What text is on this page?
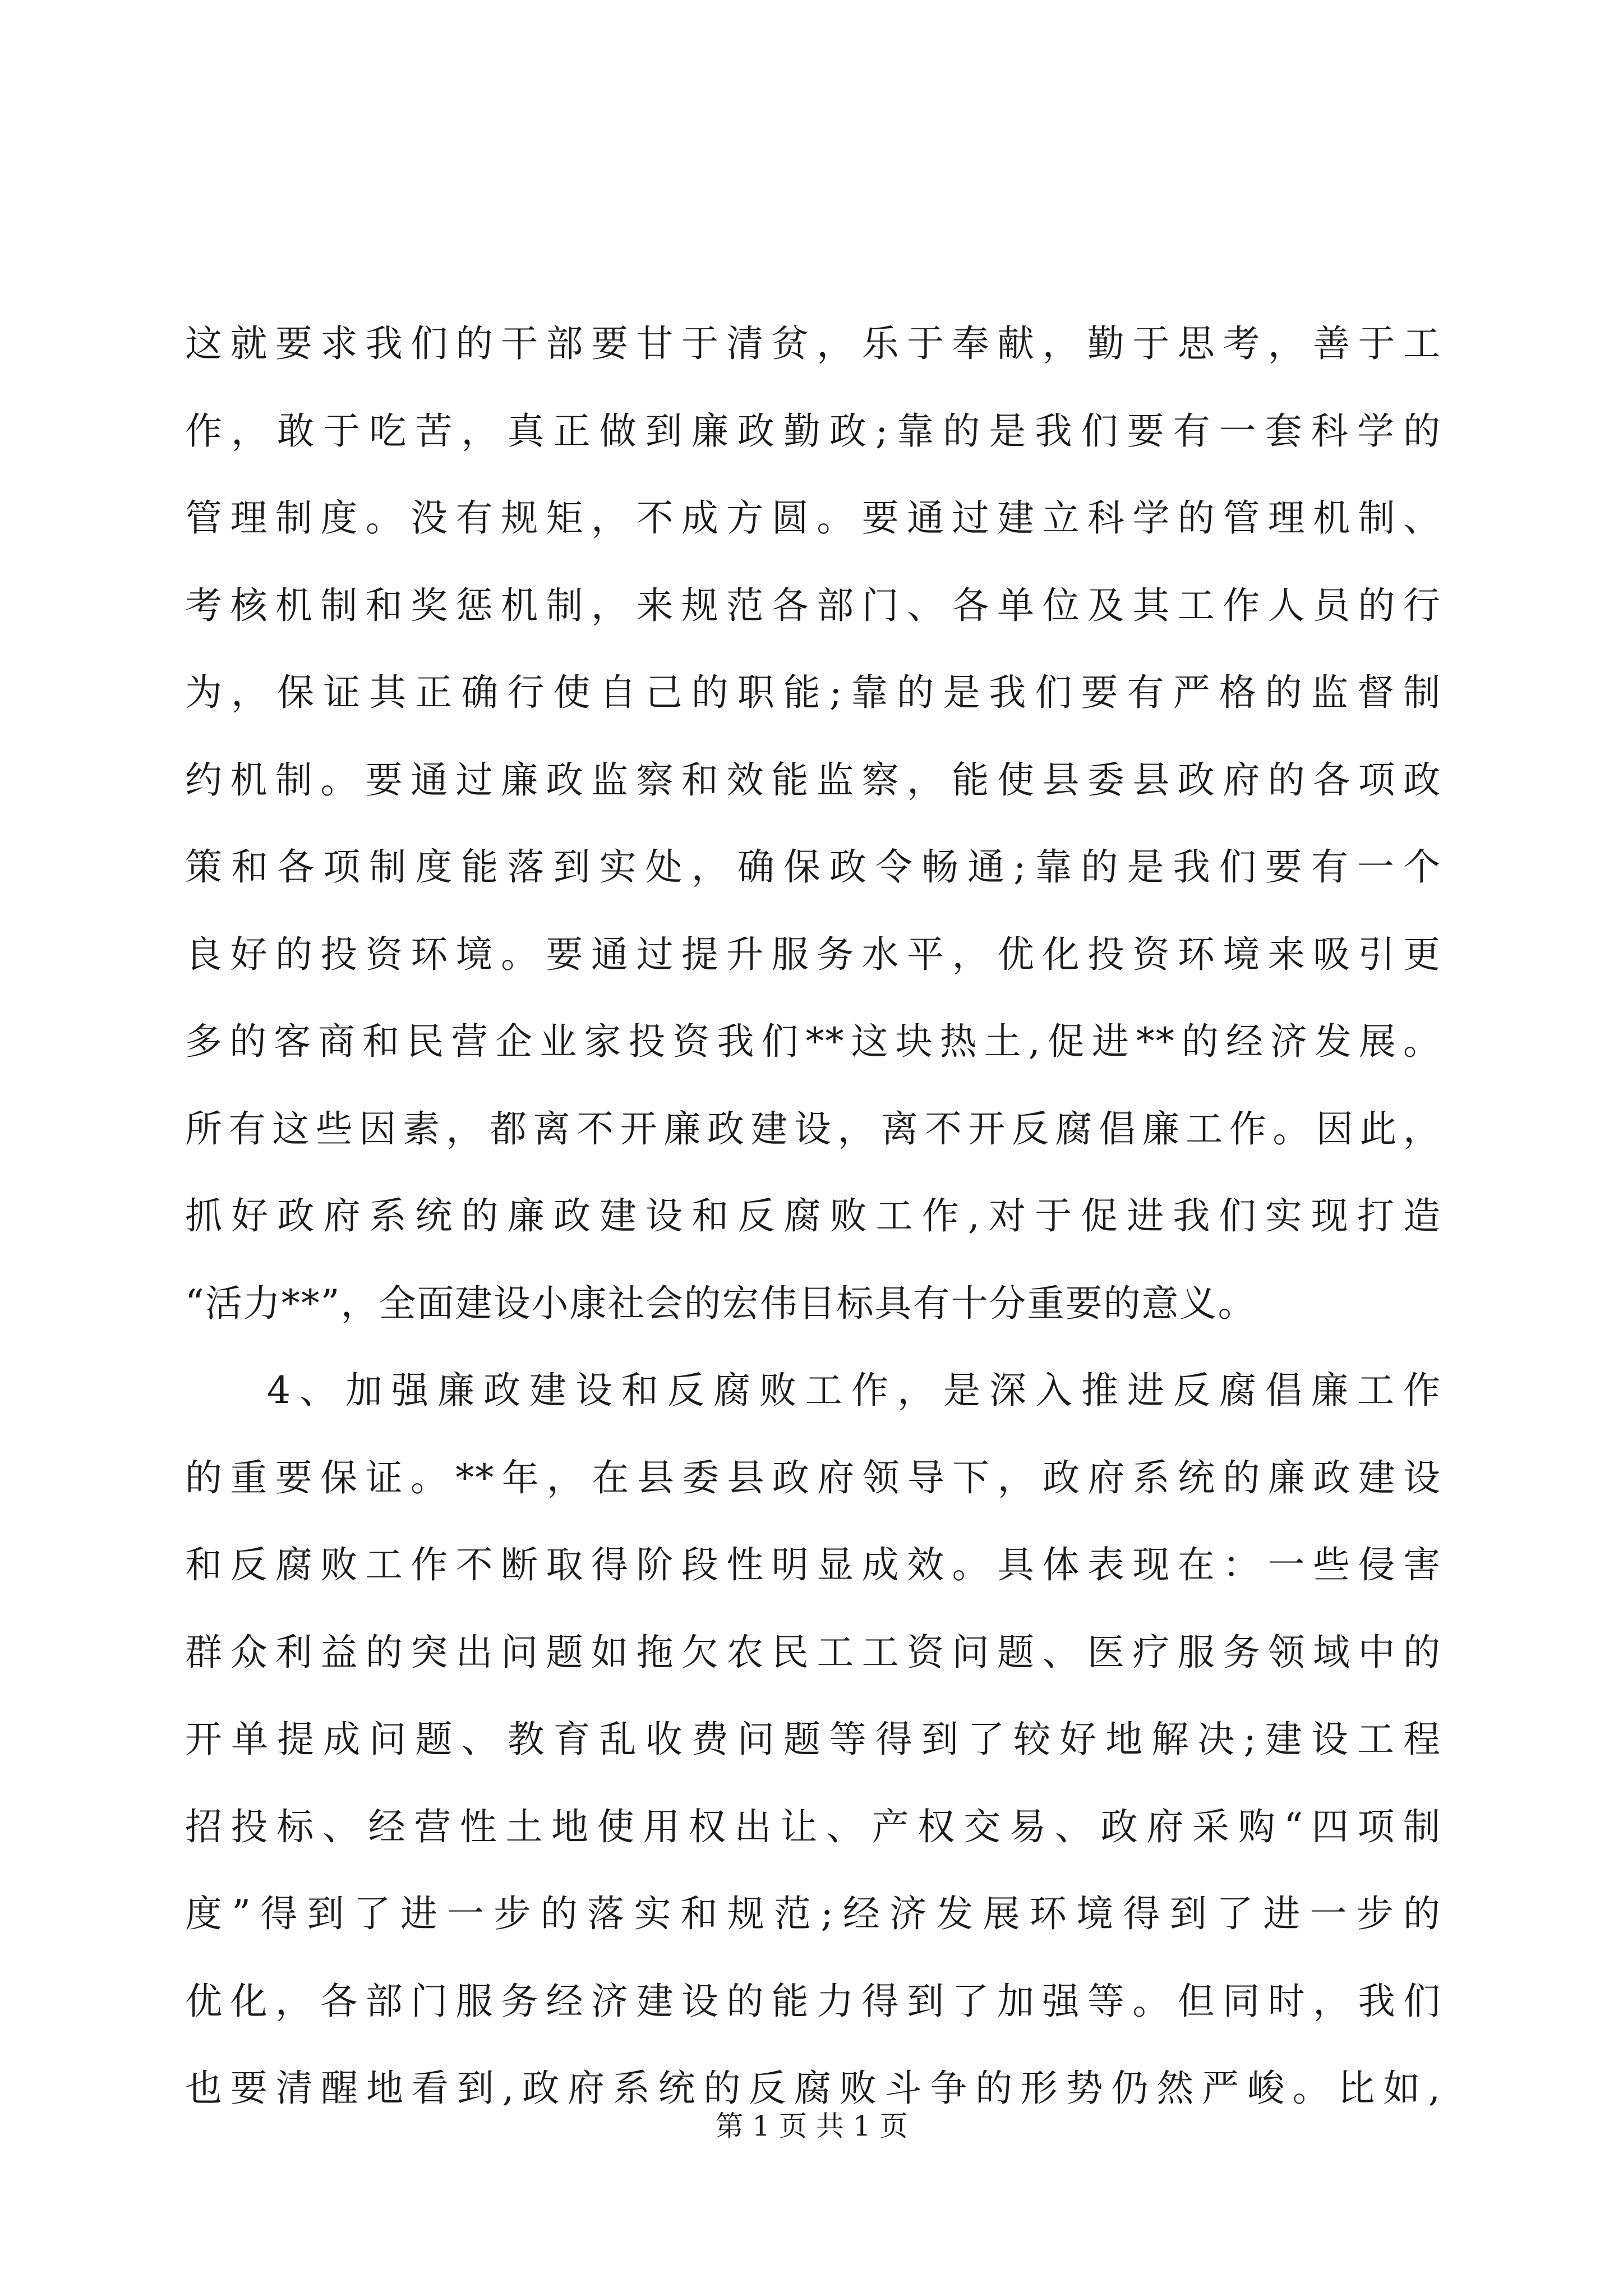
这就要求我们的干部要甘于清贫，乐于奉献，勤于思考，善于工
作，敢于吃苦，真正做到廉政勤政;靠的是我们要有一套科学的
管理制度。没有规矩，不成方圆。要通过建立科学的管理机制、
考核机制和奖惩机制，来规范各部门、各单位及其工作人员的行
为，保证其正确行使自己的职能;靠的是我们要有严格的监督制
约机制。要通过廉政监察和效能监察，能使县委县政府的各项政
策和各项制度能落到实处，确保政令畅通;靠的是我们要有一个
良好的投资环境。要通过提升服务水平，优化投资环境来吸引更
多的客商和民营企业家投资我们**这块热土,促进**的经济发展。
所有这些因素，都离不开廉政建设，离不开反腐倡廉工作。因此，
抓好政府系统的廉政建设和反腐败工作,对于促进我们实现打造
“活力**”，全面建设小康社会的宏伟目标具有十分重要的意义。
4、加强廉政建设和反腐败工作，是深入推进反腐倡廉工作
的重要保证。**年，在县委县政府领导下，政府系统的廉政建设
和反腐败工作不断取得阶段性明显成效。具体表现在：一些侵害
群众利益的突出问题如拖欠农民工工资问题、医疗服务领域中的
开单提成问题、教育乱收费问题等得到了较好地解决;建设工程
招投标、经营性土地使用权出让、产权交易、政府采购“四项制
度”得到了进一步的落实和规范;经济发展环境得到了进一步的
优化，各部门服务经济建设的能力得到了加强等。但同时，我们
也要清醒地看到,政府系统的反腐败斗争的形势仍然严峻。比如,
第 1 页 共 1 页
